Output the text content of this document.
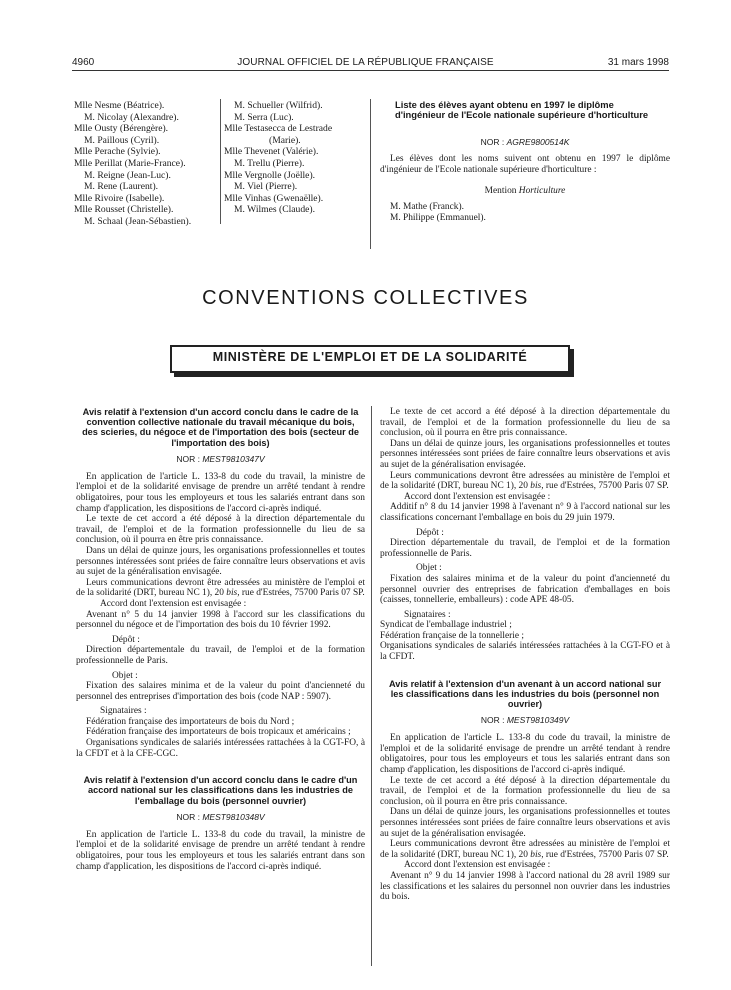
4960	JOURNAL OFFICIEL DE LA RÉPUBLIQUE FRANÇAISE	31 mars 1998
Mlle Nesme (Béatrice).
M. Nicolay (Alexandre).
Mlle Ousty (Bérengère).
M. Paillous (Cyril).
Mlle Perache (Sylvie).
Mlle Perillat (Marie-France).
M. Reigne (Jean-Luc).
M. Rene (Laurent).
Mlle Rivoire (Isabelle).
Mlle Rousset (Christelle).
M. Schaal (Jean-Sébastien).
M. Schueller (Wilfrid).
M. Serra (Luc).
Mlle Testasecca de Lestrade
(Marie).
Mlle Thevenet (Valérie).
M. Trellu (Pierre).
Mlle Vergnolle (Joëlle).
M. Viel (Pierre).
Mlle Vinhas (Gwenaëlle).
M. Wilmes (Claude).
Liste des élèves ayant obtenu en 1997 le diplôme d'ingénieur de l'Ecole nationale supérieure d'horticulture
NOR : AGRE9800514K

Les élèves dont les noms suivent ont obtenu en 1997 le diplôme d'ingénieur de l'Ecole nationale supérieure d'horticulture :

Mention Horticulture

M. Mathe (Franck).

M. Philippe (Emmanuel).

CONVENTIONS COLLECTIVES
MINISTÈRE DE L'EMPLOI ET DE LA SOLIDARITÉ
Avis relatif à l'extension d'un accord conclu dans le cadre de la convention collective nationale du travail mécanique du bois, des scieries, du négoce et de l'importation des bois (secteur de l'importation des bois)
NOR : MEST9810347V

En application de l'article L. 133-8 du code du travail, la ministre de l'emploi et de la solidarité envisage de prendre un arrêté tendant à rendre obligatoires, pour tous les employeurs et tous les salariés entrant dans son champ d'application, les dispositions de l'accord ci-après indiqué.

Le texte de cet accord a été déposé à la direction départementale du travail, de l'emploi et de la formation professionnelle du lieu de sa conclusion, où il pourra en être pris connaissance.

Dans un délai de quinze jours, les organisations professionnelles et toutes personnes intéressées sont priées de faire connaître leurs observations et avis au sujet de la généralisation envisagée.

Leurs communications devront être adressées au ministère de l'emploi et de la solidarité (DRT, bureau NC 1), 20 bis, rue d'Estrées, 75700 Paris 07 SP.

Accord dont l'extension est envisagée :

Avenant n° 5 du 14 janvier 1998 à l'accord sur les classifications du personnel du négoce et de l'importation des bois du 10 février 1992.

Dépôt :

Direction départementale du travail, de l'emploi et de la formation professionnelle de Paris.

Objet :

Fixation des salaires minima et de la valeur du point d'ancienneté du personnel des entreprises d'importation des bois (code NAP : 5907).

Signataires :

Fédération française des importateurs de bois du Nord ;

Fédération française des importateurs de bois tropicaux et américains ;

Organisations syndicales de salariés intéressées rattachées à la CGT-FO, à la CFDT et à la CFE-CGC.

Avis relatif à l'extension d'un accord conclu dans le cadre d'un accord national sur les classifications dans les industries de l'emballage du bois (personnel ouvrier)
NOR : MEST9810348V

En application de l'article L. 133-8 du code du travail, la ministre de l'emploi et de la solidarité envisage de prendre un arrêté tendant à rendre obligatoires, pour tous les employeurs et tous les salariés entrant dans son champ d'application, les dispositions de l'accord ci-après indiqué.

Le texte de cet accord a été déposé à la direction départementale du travail, de l'emploi et de la formation professionnelle du lieu de sa conclusion, où il pourra en être pris connaissance.

Dans un délai de quinze jours, les organisations professionnelles et toutes personnes intéressées sont priées de faire connaître leurs observations et avis au sujet de la généralisation envisagée.

Leurs communications devront être adressées au ministère de l'emploi et de la solidarité (DRT, bureau NC 1), 20 bis, rue d'Estrées, 75700 Paris 07 SP.

Accord dont l'extension est envisagée :

Additif n° 8 du 14 janvier 1998 à l'avenant n° 9 à l'accord national sur les classifications concernant l'emballage en bois du 29 juin 1979.

Dépôt :

Direction départementale du travail, de l'emploi et de la formation professionnelle de Paris.

Objet :

Fixation des salaires minima et de la valeur du point d'ancienneté du personnel ouvrier des entreprises de fabrication d'emballages en bois (caisses, tonnellerie, emballeurs) : code APE 48-05.

Signataires :

Syndicat de l'emballage industriel ;

Fédération française de la tonnellerie ;

Organisations syndicales de salariés intéressées rattachées à la CGT-FO et à la CFDT.

Avis relatif à l'extension d'un avenant à un accord national sur les classifications dans les industries du bois (personnel non ouvrier)
NOR : MEST9810349V

En application de l'article L. 133-8 du code du travail, la ministre de l'emploi et de la solidarité envisage de prendre un arrêté tendant à rendre obligatoires, pour tous les employeurs et tous les salariés entrant dans son champ d'application, les dispositions de l'accord ci-après indiqué.

Le texte de cet accord a été déposé à la direction départementale du travail, de l'emploi et de la formation professionnelle du lieu de sa conclusion, où il pourra en être pris connaissance.

Dans un délai de quinze jours, les organisations professionnelles et toutes personnes intéressées sont priées de faire connaître leurs observations et avis au sujet de la généralisation envisagée.

Leurs communications devront être adressées au ministère de l'emploi et de la solidarité (DRT, bureau NC 1), 20 bis, rue d'Estrées, 75700 Paris 07 SP.

Accord dont l'extension est envisagée :

Avenant n° 9 du 14 janvier 1998 à l'accord national du 28 avril 1989 sur les classifications et les salaires du personnel non ouvrier dans les industries du bois.
